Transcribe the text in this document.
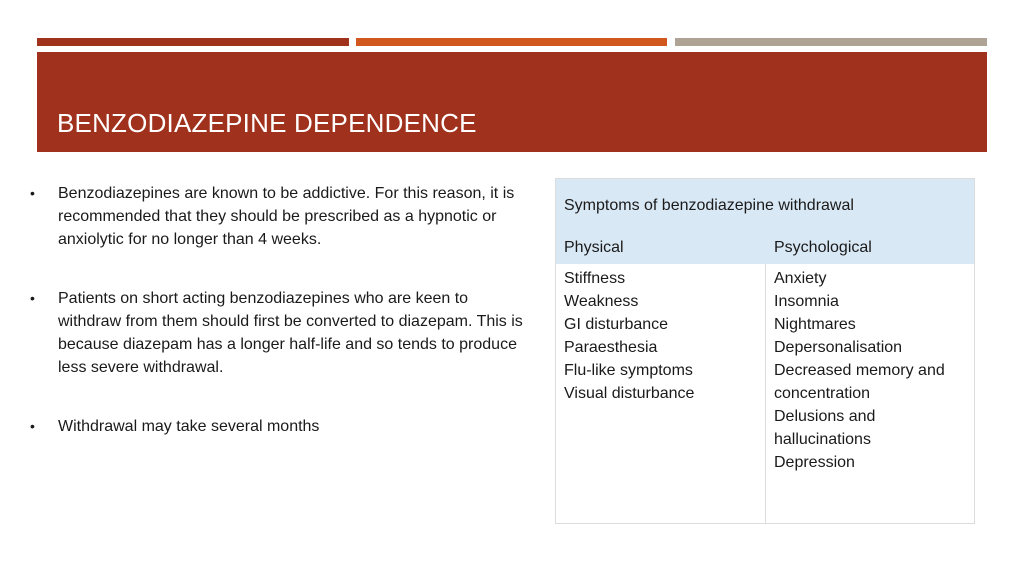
BENZODIAZEPINE DEPENDENCE
• Benzodiazepines are known to be addictive. For this reason, it is recommended that they should be prescribed as a hypnotic or anxiolytic for no longer than 4 weeks.
• Patients on short acting benzodiazepines who are keen to withdraw from them should first be converted to diazepam. This is because diazepam has a longer half-life and so tends to produce less severe withdrawal.
• Withdrawal may take several months
Symptoms of benzodiazepine withdrawal
Physical	Psychological
Stiffness
Weakness
GI disturbance
Paraesthesia
Flu-like symptoms
Visual disturbance
Anxiety
Insomnia
Nightmares
Depersonalisation
Decreased memory and concentration
Delusions and hallucinations
Depression
